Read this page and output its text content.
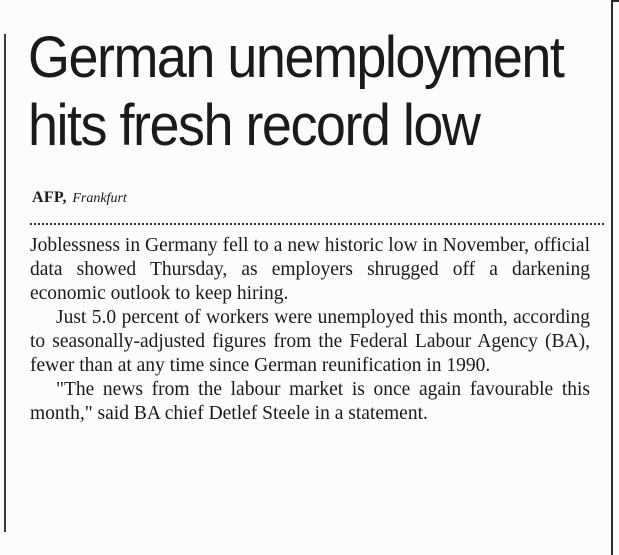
German unemployment
hits fresh record low
AFP, Frankfurt

Joblessness in Germany fell to a new historic low in November, official data showed Thursday, as employers shrugged off a darkening economic outlook to keep hiring.

Just 5.0 percent of workers were unemployed this month, according to seasonally-adjusted figures from the Federal Labour Agency (BA), fewer than at any time since German reunification in 1990.

"The news from the labour market is once again favourable this month," said BA chief Detlef Steele in a statement.
